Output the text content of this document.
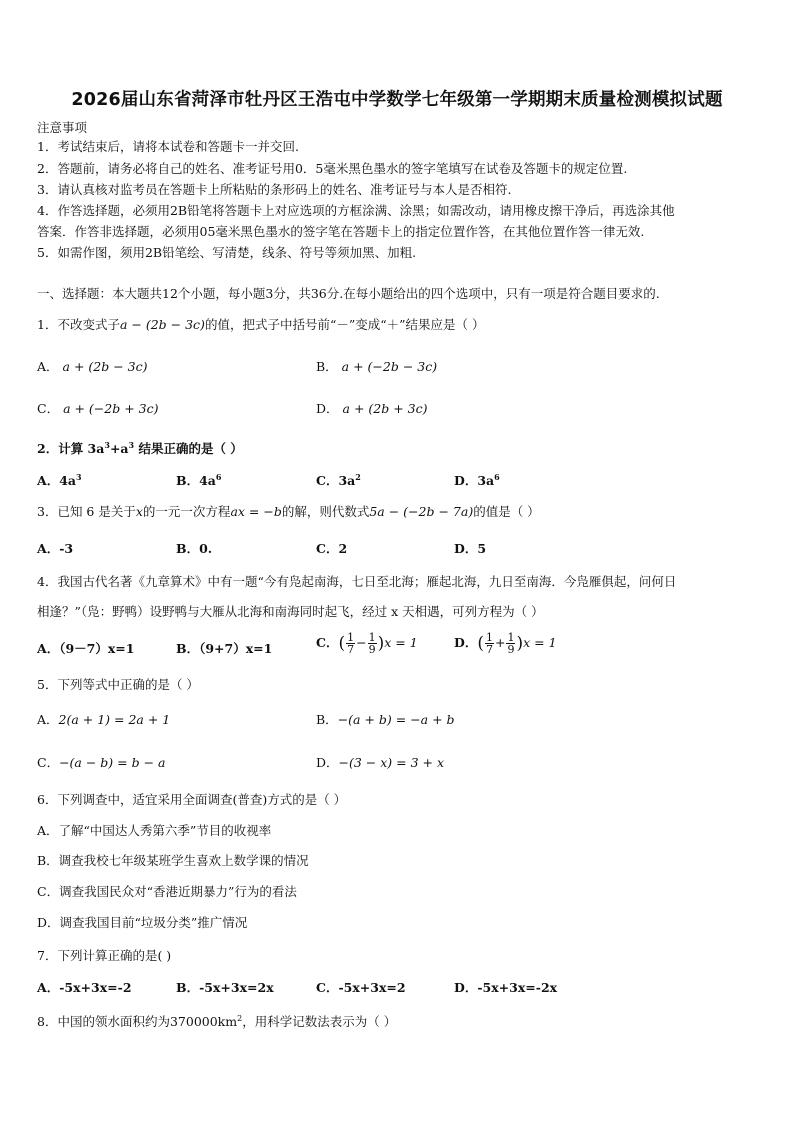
2026届山东省菏泽市牡丹区王浩屯中学数学七年级第一学期期末质量检测模拟试题
注意事项
1．考试结束后，请将本试卷和答题卡一并交回.
2．答题前，请务必将自己的姓名、准考证号用0．5毫米黑色墨水的签字笔填写在试卷及答题卡的规定位置.
3．请认真核对监考员在答题卡上所粘贴的条形码上的姓名、准考证号与本人是否相符.
4．作答选择题，必须用2B铅笔将答题卡上对应选项的方框涂满、涂黑；如需改动，请用橡皮擦干净后，再选涂其他
答案．作答非选择题，必须用05毫米黑色墨水的签字笔在答题卡上的指定位置作答，在其他位置作答一律无效.
5．如需作图，须用2B铅笔绘、写清楚，线条、符号等须加黑、加粗.
一、选择题：本大题共12个小题，每小题3分，共36分.在每小题给出的四个选项中，只有一项是符合题目要求的.
1．不改变式子a − (2b − 3c)的值，把式子中括号前“－”变成“＋”结果应是（ ）
A． a + (2b − 3c)	B． a + (−2b − 3c)
C． a + (−2b + 3c)	D． a + (2b + 3c)
2．计算 $3a^3+a^3$ 结果正确的是（ ）
A．$4a^3$	B．$4a^6$	C．$3a^2$	D．$3a^6$
3．已知 6 是关于x的一元一次方程ax = −b的解，则代数式5a − (−2b − 7a)的值是（ ）
A．-3	B．0.	C．2	D．5
4．我国古代名著《九章算术》中有一题“今有凫起南海，七日至北海；雁起北海，九日至南海．今凫雁俱起，问何日
相逢？”（凫：野鸭）设野鸭与大雁从北海和南海同时起飞，经过 x 天相遇，可列方程为（ ）
A．（9－7）x=1	B．（9+7）x=1	C．( $\frac{1}{7} - \frac{1}{9} )x = 1$	D．( $\frac{1}{7} + \frac{1}{9} )x = 1$
5．下列等式中正确的是（ ）
A．2(a + 1) = 2a + 1	B．−(a + b) = −a + b
C．−(a − b) = b − a	D．−(3 − x) = 3 + x
6．下列调查中，适宜采用全面调查(普查)方式的是（ ）
A．了解“中国达人秀第六季”节目的收视率
B．调查我校七年级某班学生喜欢上数学课的情况
C．调查我国民众对“香港近期暴力”行为的看法
D．调查我国目前“垃圾分类”推广情况
7．下列计算正确的是( )
A．-5x+3x=-2	B．-5x+3x=2x	C．-5x+3x=2	D．-5x+3x=-2x
8．中国的领水面积约为$370000km^2$，用科学记数法表示为（ ）
